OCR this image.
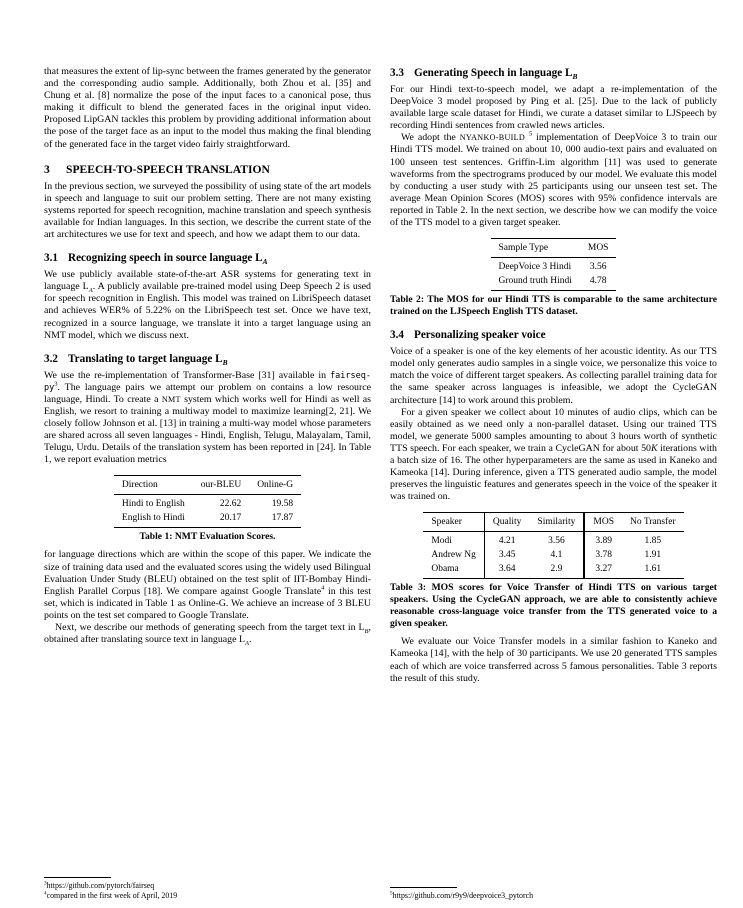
that measures the extent of lip-sync between the frames generated by the generator and the corresponding audio sample. Additionally, both Zhou et al. [35] and Chung et al. [8] normalize the pose of the input faces to a canonical pose, thus making it difficult to blend the generated faces in the original input video. Proposed LipGAN tackles this problem by providing additional information about the pose of the target face as an input to the model thus making the final blending of the generated face in the target video fairly straightforward.

3 SPEECH-TO-SPEECH TRANSLATION

In the previous section, we surveyed the possibility of using state of the art models in speech and language to suit our problem setting. There are not many existing systems reported for speech recognition, machine translation and speech synthesis available for Indian languages. In this section, we describe the current state of the art architectures we use for text and speech, and how we adapt them to our data.

3.1 Recognizing speech in source language $L_A$

We use publicly available state-of-the-art ASR systems for generating text in language $L_A$. A publicly available pre-trained model using Deep Speech 2 is used for speech recognition in English. This model was trained on LibriSpeech dataset and achieves WER% of 5.22% on the LibriSpeech test set. Once we have text, recognized in a source language, we translate it into a target language using an NMT model, which we discuss next.

3.2 Translating to target language $L_B$

We use the re-implementation of Transformer-Base [31] available in fairseq-$py^3$. The language pairs we attempt our problem on contains a low resource language, Hindi. To create a NMT system which works well for Hindi as well as English, we resort to training a multiway model to maximize learning[2, 21]. We closely follow Johnson et al. [13] in training a multi-way model whose parameters are shared across all seven languages - Hindi, English, Telugu, Malayalam, Tamil, Telugu, Urdu. Details of the translation system has been reported in [24]. In Table 1, we report evaluation metrics

Direction	our-BLEU	Online-G
Hindi to English	22.62	19.58
English to Hindi	20.17	17.87

Table 1: NMT Evaluation Scores.

for language directions which are within the scope of this paper. We indicate the size of training data used and the evaluated scores using the widely used Bilingual Evaluation Under Study (BLEU) obtained on the test split of IIT-Bombay Hindi-English Parallel Corpus [18]. We compare against Google Translate$^4$ in this test set, which is indicated in Table 1 as Online-G. We achieve an increase of 3 BLEU points on the test set compared to Google Translate.

Next, we describe our methods of generating speech from the target text in $L_B$, obtained after translating source text in language $L_A$.

$^3$https://github.com/pytorch/fairseq

$^4$compared in the first week of April, 2019

3.3 Generating Speech in language $L_B$

For our Hindi text-to-speech model, we adapt a re-implementation of the DeepVoice 3 model proposed by Ping et al. [25]. Due to the lack of publicly available large scale dataset for Hindi, we curate a dataset similar to LJSpeech by recording Hindi sentences from crawled news articles.

We adopt the NYANKO-BUILD $^5$ implementation of DeepVoice 3 to train our Hindi TTS model. We trained on about 10, 000 audio-text pairs and evaluated on 100 unseen test sentences. Griffin-Lim algorithm [11] was used to generate waveforms from the spectrograms produced by our model. We evaluate this model by conducting a user study with 25 participants using our unseen test set. The average Mean Opinion Scores (MOS) scores with 95% confidence intervals are reported in Table 2. In the next section, we describe how we can modify the voice of the TTS model to a given target speaker.

Sample Type	MOS
DeepVoice 3 Hindi	3.56
Ground truth Hindi	4.78

Table 2: The MOS for our Hindi TTS is comparable to the same architecture trained on the LJSpeech English TTS dataset.

3.4 Personalizing speaker voice

Voice of a speaker is one of the key elements of her acoustic identity. As our TTS model only generates audio samples in a single voice, we personalize this voice to match the voice of different target speakers. As collecting parallel training data for the same speaker across languages is infeasible, we adopt the CycleGAN architecture [14] to work around this problem.

For a given speaker we collect about 10 minutes of audio clips, which can be easily obtained as we need only a non-parallel dataset. Using our trained TTS model, we generate 5000 samples amounting to about 3 hours worth of synthetic TTS speech. For each speaker, we train a CycleGAN for about 50K iterations with a batch size of 16. The other hyperparameters are the same as used in Kaneko and Kameoka [14]. During inference, given a TTS generated audio sample, the model preserves the linguistic features and generates speech in the voice of the speaker it was trained on.

Speaker	Quality	Similarity	MOS	No Transfer
Modi	4.21	3.56	3.89	1.85
Andrew Ng	3.45	4.1	3.78	1.91
Obama	3.64	2.9	3.27	1.61

Table 3: MOS scores for Voice Transfer of Hindi TTS on various target speakers. Using the CycleGAN approach, we are able to consistently achieve reasonable cross-language voice transfer from the TTS generated voice to a given speaker.

We evaluate our Voice Transfer models in a similar fashion to Kaneko and Kameoka [14], with the help of 30 participants. We use 20 generated TTS samples each of which are voice transferred across 5 famous personalities. Table 3 reports the result of this study.

$^5$https://github.com/r9y9/deepvoice3_pytorch
